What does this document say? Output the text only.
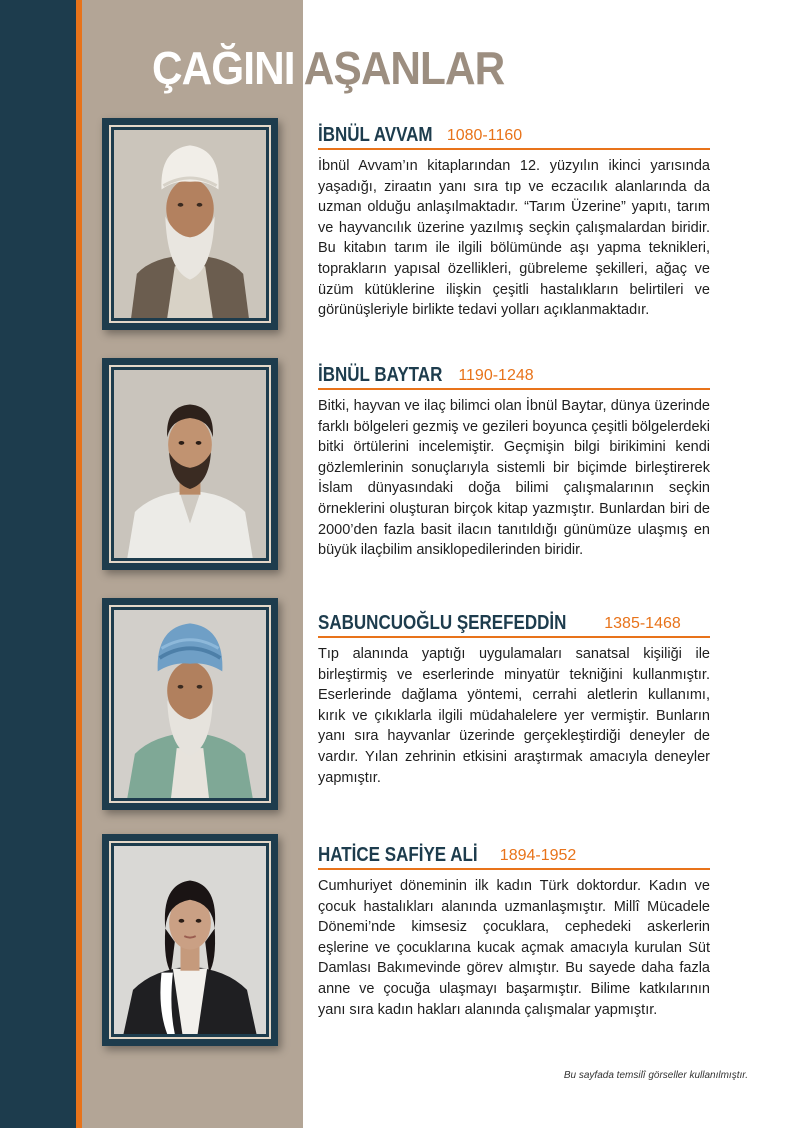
ÇAĞINI AŞANLAR
İBNÜL AVVAM 1080-1160

İbnül Avvam’ın kitaplarından 12. yüzyılın ikinci yarısında yaşadığı, ziraatın yanı sıra tıp ve eczacılık alanlarında da uzman olduğu anlaşılmaktadır. “Tarım Üzerine” yapıtı, tarım ve hayvancılık üzerine yazılmış seçkin çalışmalardan biridir. Bu kitabın tarım ile ilgili bölümünde aşı yapma teknikleri, toprakların yapısal özellikleri, gübreleme şekilleri, ağaç ve üzüm kütüklerine ilişkin çeşitli hastalıkların belirtileri ve görünüşleriyle birlikte tedavi yolları açıklanmaktadır.

İBNÜL BAYTAR 1190-1248

Bitki, hayvan ve ilaç bilimci olan İbnül Baytar, dünya üzerinde farklı bölgeleri gezmiş ve gezileri boyunca çeşitli bölgelerdeki bitki örtülerini incelemiştir. Geçmişin bilgi birikimini kendi gözlemlerinin sonuçlarıyla sistemli bir biçimde birleştirerek İslam dünyasındaki doğa bilimi çalışmalarının seçkin örneklerini oluşturan birçok kitap yazmıştır. Bunlardan biri de 2000’den fazla basit ilacın tanıtıldığı günümüze ulaşmış en büyük ilaçbilim ansiklopedilerinden biridir.

SABUNCUOĞLU ŞEREFEDDİN 1385-1468

Tıp alanında yaptığı uygulamaları sanatsal kişiliği ile birleştirmiş ve eserlerinde minyatür tekniğini kullanmıştır. Eserlerinde dağlama yöntemi, cerrahi aletlerin kullanımı, kırık ve çıkıklarla ilgili müdahalelere yer vermiştir. Bunların yanı sıra hayvanlar üzerinde gerçekleştirdiği deneyler de vardır. Yılan zehrinin etkisini araştırmak amacıyla deneyler yapmıştır.

HATİCE SAFİYE ALİ 1894-1952

Cumhuriyet döneminin ilk kadın Türk doktordur. Kadın ve çocuk hastalıkları alanında uzmanlaşmıştır. Millî Mücadele Dönemi’nde kimsesiz çocuklara, cephedeki askerlerin eşlerine ve çocuklarına kucak açmak amacıyla kurulan Süt Damlası Bakımevinde görev almıştır. Bu sayede daha fazla anne ve çocuğa ulaşmayı başarmıştır. Bilime katkılarının yanı sıra kadın hakları alanında çalışmalar yapmıştır.

Bu sayfada temsilî görseller kullanılmıştır.
